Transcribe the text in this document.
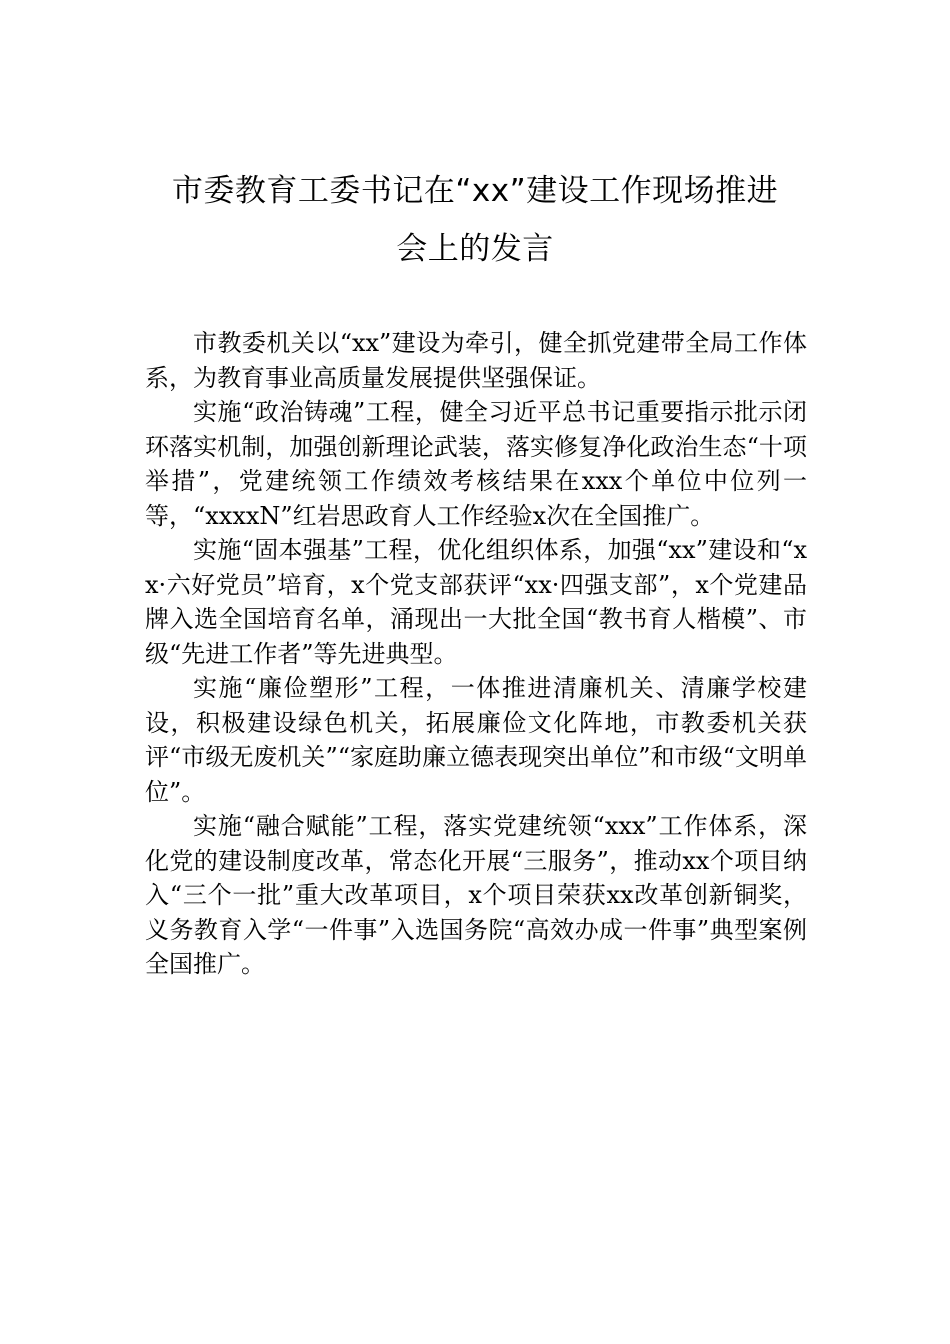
市委教育工委书记在“xx”建设工作现场推进
会上的发言

市教委机关以“xx”建设为牵引，健全抓党建带全局工作体系，为教育事业高质量发展提供坚强保证。

实施“政治铸魂”工程，健全习近平总书记重要指示批示闭环落实机制，加强创新理论武装，落实修复净化政治生态“十项举措”，党建统领工作绩效考核结果在xxx个单位中位列一等，“xxxxN”红岩思政育人工作经验x次在全国推广。

实施“固本强基”工程，优化组织体系，加强“xx”建设和“xx·六好党员”培育，x个党支部获评“xx·四强支部”，x个党建品牌入选全国培育名单，涌现出一大批全国“教书育人楷模”、市级“先进工作者”等先进典型。

实施“廉俭塑形”工程，一体推进清廉机关、清廉学校建设，积极建设绿色机关，拓展廉俭文化阵地，市教委机关获评“市级无废机关”“家庭助廉立德表现突出单位”和市级“文明单位”。

实施“融合赋能”工程，落实党建统领“xxx”工作体系，深化党的建设制度改革，常态化开展“三服务”，推动xx个项目纳入“三个一批”重大改革项目，x个项目荣获xx改革创新铜奖，义务教育入学“一件事”入选国务院“高效办成一件事”典型案例全国推广。
